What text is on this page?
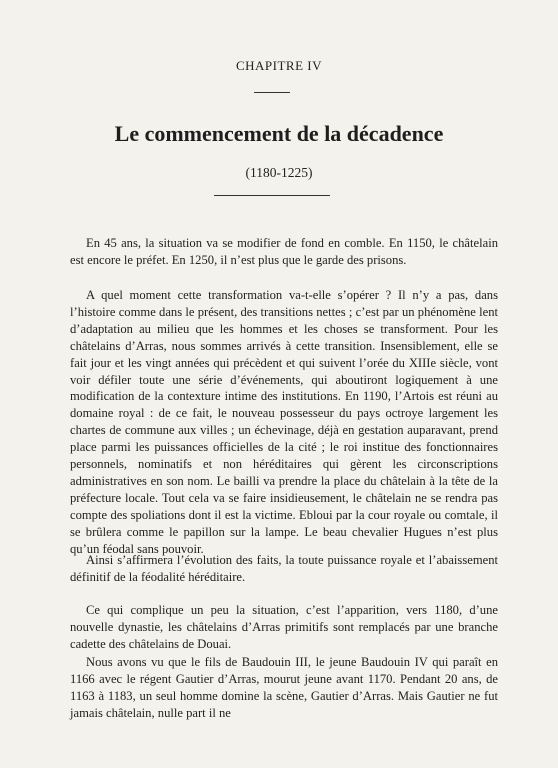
CHAPITRE IV
Le commencement de la décadence
(1180-1225)

En 45 ans, la situation va se modifier de fond en comble. En 1150, le châtelain est encore le préfet. En 1250, il n’est plus que le garde des prisons.

A quel moment cette transformation va-t-elle s’opérer ? Il n’y a pas, dans l’histoire comme dans le présent, des transitions nettes ; c’est par un phénomène lent d’adaptation au milieu que les hommes et les choses se transforment. Pour les châtelains d’Arras, nous sommes arrivés à cette transition. Insensiblement, elle se fait jour et les vingt années qui précèdent et qui suivent l’orée du XIIIe siècle, vont voir défiler toute une série d’événements, qui aboutiront logiquement à une modification de la contexture intime des institutions. En 1190, l’Artois est réuni au domaine royal : de ce fait, le nouveau possesseur du pays octroye largement les chartes de commune aux villes ; un échevinage, déjà en gestation auparavant, prend place parmi les puissances officielles de la cité ; le roi institue des fonctionnaires personnels, nominatifs et non héréditaires qui gèrent les circonscriptions administratives en son nom. Le bailli va prendre la place du châtelain à la tête de la préfecture locale. Tout cela va se faire insidieusement, le châtelain ne se rendra pas compte des spoliations dont il est la victime. Ebloui par la cour royale ou comtale, il se brûlera comme le papillon sur la lampe. Le beau chevalier Hugues n’est plus qu’un féodal sans pouvoir.

Ainsi s’affirmera l’évolution des faits, la toute puissance royale et l’abaissement définitif de la féodalité héréditaire.

Ce qui complique un peu la situation, c’est l’apparition, vers 1180, d’une nouvelle dynastie, les châtelains d’Arras primitifs sont remplacés par une branche cadette des châtelains de Douai.

Nous avons vu que le fils de Baudouin III, le jeune Baudouin IV qui paraît en 1166 avec le régent Gautier d’Arras, mourut jeune avant 1170. Pendant 20 ans, de 1163 à 1183, un seul homme domine la scène, Gautier d’Arras. Mais Gautier ne fut jamais châtelain, nulle part il ne
